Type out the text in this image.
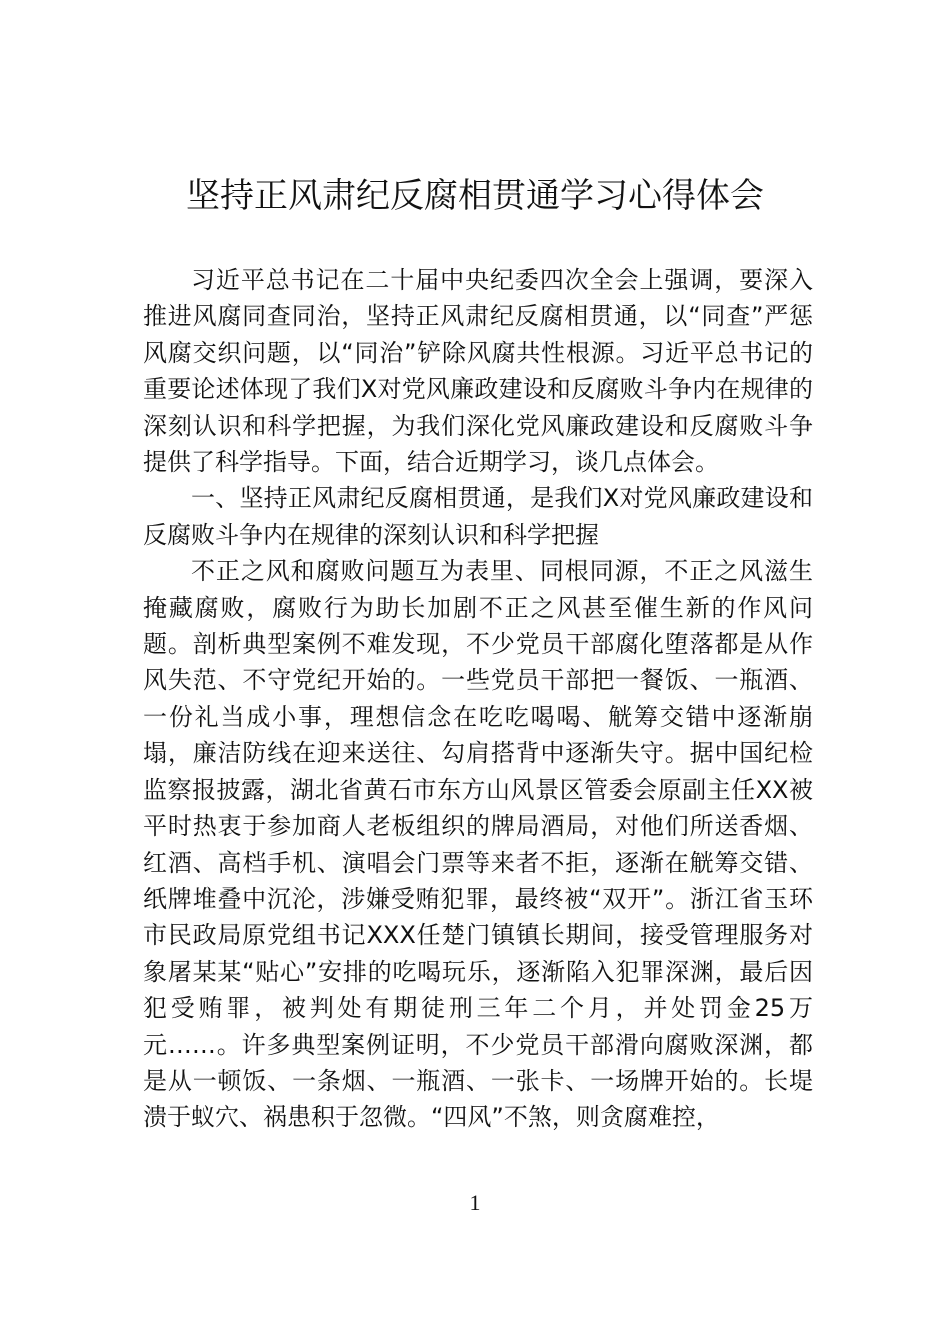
坚持正风肃纪反腐相贯通学习心得体会

习近平总书记在二十届中央纪委四次全会上强调，要深入推进风腐同查同治，坚持正风肃纪反腐相贯通，以“同查”严惩风腐交织问题，以“同治”铲除风腐共性根源。习近平总书记的重要论述体现了我们X对党风廉政建设和反腐败斗争内在规律的深刻认识和科学把握，为我们深化党风廉政建设和反腐败斗争提供了科学指导。下面，结合近期学习，谈几点体会。

一、坚持正风肃纪反腐相贯通，是我们X对党风廉政建设和反腐败斗争内在规律的深刻认识和科学把握

不正之风和腐败问题互为表里、同根同源，不正之风滋生掩藏腐败，腐败行为助长加剧不正之风甚至催生新的作风问题。剖析典型案例不难发现，不少党员干部腐化堕落都是从作风失范、不守党纪开始的。一些党员干部把一餐饭、一瓶酒、一份礼当成小事，理想信念在吃吃喝喝、觥筹交错中逐渐崩塌，廉洁防线在迎来送往、勾肩搭背中逐渐失守。据中国纪检监察报披露，湖北省黄石市东方山风景区管委会原副主任XX被平时热衷于参加商人老板组织的牌局酒局，对他们所送香烟、红酒、高档手机、演唱会门票等来者不拒，逐渐在觥筹交错、纸牌堆叠中沉沦，涉嫌受贿犯罪，最终被“双开”。浙江省玉环市民政局原党组书记XXX任楚门镇镇长期间，接受管理服务对象屠某某“贴心”安排的吃喝玩乐，逐渐陷入犯罪深渊，最后因犯受贿罪，被判处有期徒刑三年二个月，并处罚金25万元……。许多典型案例证明，不少党员干部滑向腐败深渊，都是从一顿饭、一条烟、一瓶酒、一张卡、一场牌开始的。长堤溃于蚁穴、祸患积于忽微。“四风”不煞，则贪腐难控，

1
